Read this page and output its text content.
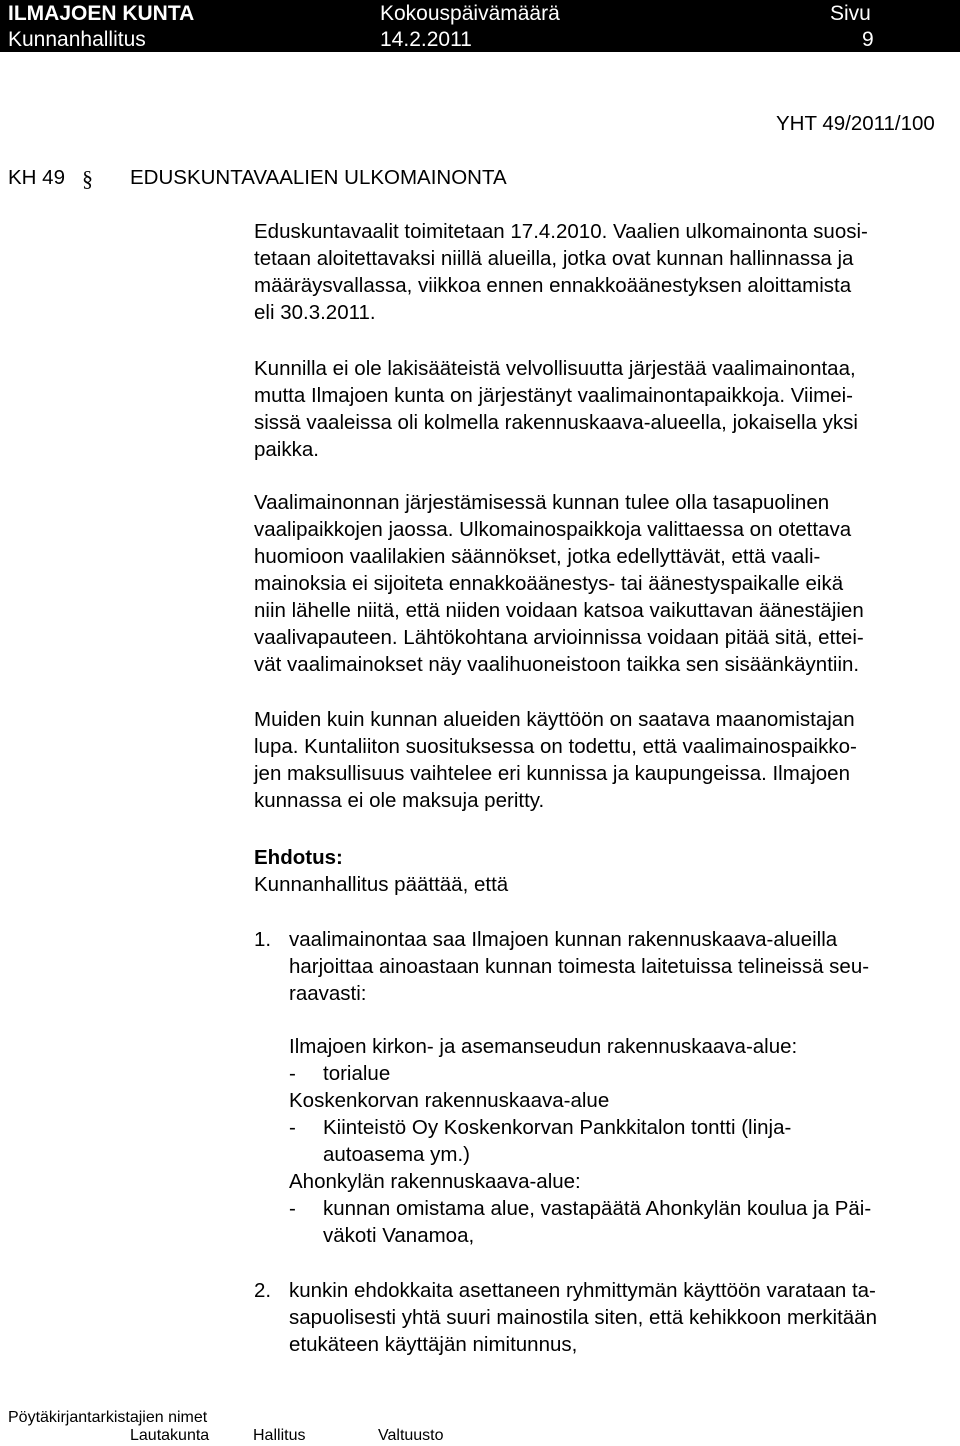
ILMAJOEN KUNTA	Kokouspäivämäärä	Sivu
Kunnanhallitus	14.2.2011	9
YHT 49/2011/100
KH 49 § EDUSKUNTAVAALIEN ULKOMAINONTA
Eduskuntavaalit toimitetaan 17.4.2010. Vaalien ulkomainonta suosi-
tetaan aloitettavaksi niillä alueilla, jotka ovat kunnan hallinnassa ja
määräysvallassa, viikkoa ennen ennakkoäänestyksen aloittamista
eli 30.3.2011.
Kunnilla ei ole lakisääteistä velvollisuutta järjestää vaalimainontaa,
mutta Ilmajoen kunta on järjestänyt vaalimainontapaikkoja. Viimei-
sissä vaaleissa oli kolmella rakennuskaava-alueella, jokaisella yksi
paikka.
Vaalimainonnan järjestämisessä kunnan tulee olla tasapuolinen
vaalipaikkojen jaossa. Ulkomainospaikkoja valittaessa on otettava
huomioon vaalilakien säännökset, jotka edellyttävät, että vaali-
mainoksia ei sijoiteta ennakkoäänestys- tai äänestyspaikalle eikä
niin lähelle niitä, että niiden voidaan katsoa vaikuttavan äänestäjien
vaalivapauteen. Lähtökohtana arvioinnissa voidaan pitää sitä, ettei-
vät vaalimainokset näy vaalihuoneistoon taikka sen sisäänkäyntiin.
Muiden kuin kunnan alueiden käyttöön on saatava maanomistajan
lupa. Kuntaliiton suosituksessa on todettu, että vaalimainospaikko-
jen maksullisuus vaihtelee eri kunnissa ja kaupungeissa. Ilmajoen
kunnassa ei ole maksuja peritty.
Ehdotus:
Kunnanhallitus päättää, että
1. vaalimainontaa saa Ilmajoen kunnan rakennuskaava-alueilla
harjoittaa ainoastaan kunnan toimesta laitetuissa telineissä seu-
raavasti:
Ilmajoen kirkon- ja asemanseudun rakennuskaava-alue:
- torialue
Koskenkorvan rakennuskaava-alue
- Kiinteistö Oy Koskenkorvan Pankkitalon tontti (linja-
autoasema ym.)
Ahonkylän rakennuskaava-alue:
- kunnan omistama alue, vastapäätä Ahonkylän koulua ja Päi-
väkoti Vanamoa,
2. kunkin ehdokkaita asettaneen ryhmittymän käyttöön varataan ta-
sapuolisesti yhtä suuri mainostila siten, että kehikkoon merkitään
etukäteen käyttäjän nimitunnus,
Pöytäkirjantarkistajien nimet
Lautakunta	Hallitus	Valtuusto
